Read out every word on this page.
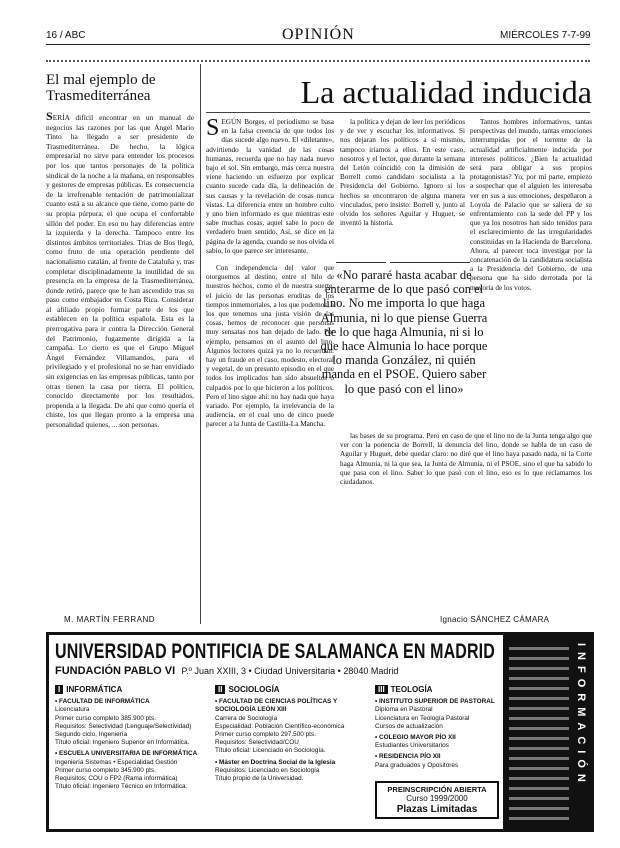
16 / ABC	OPINIÓN	MIÉRCOLES 7-7-99
El mal ejemplo de Trasmediterránea
SERÍA difícil encontrar en un manual de negocios las razones por las que Ángel Mario Tinto ha llegado a ser presidente de Trasmediterránea. De hecho, la lógica empresarial no sirve para entender los procesos por los que tantos personajes de la política sindical de la noche a la mañana, en responsables y gestores de empresas públicas. Es consecuencia de la irrefrenable tentación de patrimonializar cuanto está a su alcance que tiene, como parte de su propia púrpura, el que ocupa el confortable sillón del poder. En eso no hay diferencias entre la izquierda y la derecha. Tampoco entre los distintos ámbitos territoriales. Trias de Bos llegó, como fruto de una operación pendiente del nacionalismo catalán, al frente de Cataluña y, tras completar disciplinadamente la inutilidad de su presencia en la empresa de la Trasmediterránea, donde retiró, parece que le han ascendido tras su paso como embajador en Costa Rica. Considerar al afiliado propio formar parte de los que establecen en la política española. Esta es la prerrogativa para ir contra la Dirección General del Patrimonio, fugazmente dirigida a la campaña. Lo cierto es que el Grupo Miguel Ángel Fernández Villamandos, para el privilegiado y el profesional no se han envidiado sin exigencias en las empresas públicas, tanto por otras tienen la casa por tierra. El político, conocido directamente por los resultados, propenda a la llegada. De ahí que como quería el chiste, los que llegan pronto a la empresa una personalidad quienes, ... son personas.
M. MARTÍN FERRAND
La actualidad inducida
SEGÚN Borges, el periodismo se basa en la falsa creencia de que todos los días sucede algo nuevo. El «diletante», advirtiendo la vanidad de las cosas humanas, recuerda que no hay nada nuevo bajo el sol. Sin embargo, más cerca nuestra viene haciendo un esfuerzo por explicar cuanto sucede cada día, la delineación de sus causas y la revelación de cosas nunca vistas. La diferencia entre un hombre culto y uno bien informado es que mientras este sabe muchas cosas, aquel sabe lo poco de verdadero buen sentido. Así, se dice en la página de la agenda, cuando se nos olvida el sabio, lo que parece ser interesante.

Con independencia del valor que otorguemos al destino, entre el hilo de nuestros hechos, como el de nuestra suerte, el juicio de las personas eruditas de los tiempos inmemoriales, a los que podemos, a los que tenemos una justa visión de las cosas, hemos de reconocer que personas muy sensatas nos han dejado de lado. Por ejemplo, pensamos en el asunto del lino. Algunos lectores quizá ya no lo recuerdan: hay un fraude en el caso, modesto, electoral y vegetal, de un presunto episodio en el que todos los implicados han sido absueltos o culpados por lo que hicieron a los políticos. Pero el lino sigue ahí: no hay nada que haya variado. Por ejemplo, la irrelevancia de la audiencia, en el cual uno de cinco puede parecer a la Junta de Castilla-La Mancha.

la política y dejan de leer los periódicos y de ver y escuchar los informativos. Si nos dejaran los políticos a sí mismos, tampoco iríamos a ellos. En este caso, nosotros y el lector, que durante la semana del Letón coincidió con la dimisión de Borrell como candidato socialista a la Presidencia del Gobierno. Ignoro si los hechos se encontraron de alguna manera vinculados, pero insisto: Borrell y, junto al olvido los señores Aguilar y Huguet, se inventó la historia.

Tantos hombres informativos, tantas perspectivas del mundo, tantas emociones interrumpidas por el torrente de la actualidad artificialmente inducida por intereses políticos. ¿Bien la actualidad será para obligar a sus propios protagonistas? Yo, por mí parte, empiezo a sospechar que el alguien les interesaba ver en sus a sus emociones, despeñaron a Loyola de Palacio que se saliera de su enfrentamiento con la sede del PP y los que ya los nosotros han sido tenidos para el esclarecimiento de las irregularidades constituidas en la Hacienda de Barcelona. Ahora, al parecer toca investigar por la concatenación de la candidatura socialista a la Presidencia del Gobierno, de una persona que ha sido derrotada por la mayoría de los votos.

«No pararé hasta acabar de enterarme de lo que pasó con el lino. No me importa lo que haga Almunia, ni lo que piense Guerra de lo que haga Almunia, ni si lo que hace Almunia lo hace porque lo manda González, ni quién manda en el PSOE. Quiero saber lo que pasó con el lino»

las bases de su programa. Pero en caso de que el lino no de la Junta tenga algo que ver con la ponencia de Borrell, la denuncia del lino, donde se habla de un caso de Aguilar y Huguet, debe quedar claro: no diré que el lino haya pasado nada, ni la Corte haga Almunia, ni la que sea, la Junta de Almunia, ni el PSOE, sino el que ha sabido lo que pasa con el lino. Saber lo que pasó con el lino, eso es lo que reclamamos los ciudadanos.

Ignacio SÁNCHEZ CÁMARA
UNIVERSIDAD PONTIFICIA DE SALAMANCA EN MADRID
FUNDACIÓN PABLO VI P.º Juan XXIII, 3 • Ciudad Universitaria • 28040 Madrid
I INFORMÁTICA
• FACULTAD DE INFORMÁTICA
Licenciatura
Primer curso completo 385.900 pts.
Requisitos: Selectividad (Lenguaje/Selectividad)
Segundo ciclo, Ingeniería
Título oficial: Ingeniero Superior en Informática.
• ESCUELA UNIVERSITARIA DE INFORMÁTICA
Ingeniería Sistemas • Especialidad Gestión
Primer curso completo 345.900 pts.
Requisitos: COU o FP2 (Rama informática)
Título oficial: Ingeniero Técnico en Informática.
II SOCIOLOGÍA
• FACULTAD DE CIENCIAS POLÍTICAS Y SOCIOLOGÍA LEÓN XIII
Carrera de Sociología
Especialidad: Población Científico-económica
Primer curso completo 297.500 pts.
Requisitos: Selectividad/COU
Título oficial: Licenciado en Sociología.
• Máster en Doctrina Social de la Iglesia
Requisitos: Licenciado en Sociología
Título propio de la Universidad.
III TEOLOGÍA
• INSTITUTO SUPERIOR DE PASTORAL
Diploma en Pastoral
Licenciatura en Teología Pastoral
Cursos de actualización
• COLEGIO MAYOR PÍO XII
Estudiantes Universitarios
• RESIDENCIA PÍO XII
Para graduados y Opositores
PREINSCRIPCIÓN ABIERTA
Curso 1999/2000
Plazas Limitadas
INFORMACIÓN
